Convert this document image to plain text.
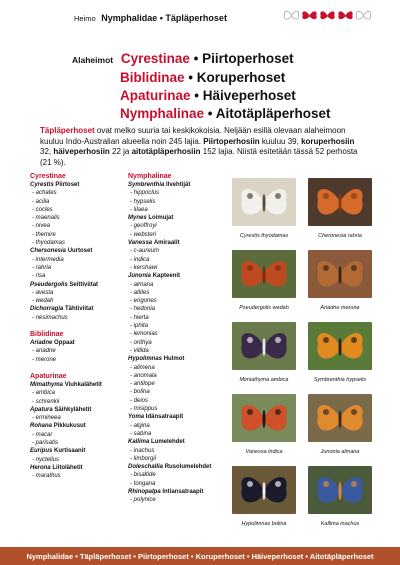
Heimo Nymphalidae • Täpläperhoset
Alaheimot Cyrestinae • Piirtoperhoset
Biblidinae • Koruperhoset
Apaturinae • Häiveperhoset
Nymphalinae • Aitotäpläperhoset
Täpläperhoset ovat melko suuria tai keskikokoisia. Neljään esillä olevaan alaheimoon kuuluu Indo-Australian alueella noin 245 lajia. Piirtoperhosiin kuuluu 39, koruperhosiin 32, häiveperhosiin 22 ja aitotäpläperhosiin 152 lajia. Niistä esitetään tässä 52 perhosta (21 %).
Cyrestinae
Cyrestis Piirtoset
- achates
- acilia
- cocles
- maenalis
- nivea
- themire
- thyodamas
Chersonesia Uurtoset
- intermedia
- rahria
- risa
Pseudergolis Seittiviitat
- avesta
- wedah
Dichorragia Tähtiviitat
- nesimachus
Biblidinae
Ariadne Oppaat
- ariadne
- merone
Apaturinae
Mimathyma Viuhkalähetit
- ambica
- schrenkii
Apatura Säihkylähetit
- ermineea
Rohana Pikkukusut
- macar
- parisatis
Euripus Kurtisaanit
- nyctelius
Herona Liitolähetit
- marathus
Nymphalinae
Symbrenthia Ilvehtijät
- hippoclus
- hypselis
- lilaea
Mynes Loimujat
- geoffroyi
- websteri
Vanessa Amiraalit
- c-aureum
- indica
- kershawi
Junonia Kapteenit
- almana
- atlites
- erigones
- hedonia
- hierta
- iphita
- lemonias
- orithya
- villida
Hypolimnas Hulmot
- alimena
- anomala
- antilope
- bolina
- deios
- misippus
Yoma Idänsatraapit
- algina
- sabina
Kallima Lumelehdet
- inachus
- limborgii
Doleschallia Rusolumelehdet
- bisaltide
- tongana
Rhinopalpa Intiansatraapit
- polynice
Cyrestis thyodamas	Cheronesia rahria
Pseudergolis wedah	Ariadne merone
Mimiathyma ambica	Symbrenthia hypselis
Vanessa indica	Junonia almana
Hypolimnas bolina	Kallima inachus
Nymphalidae • Täpläperhoset • Piirtoperhoset • Koruperhoset • Häiveperhoset • Aitotäpläperhoset
